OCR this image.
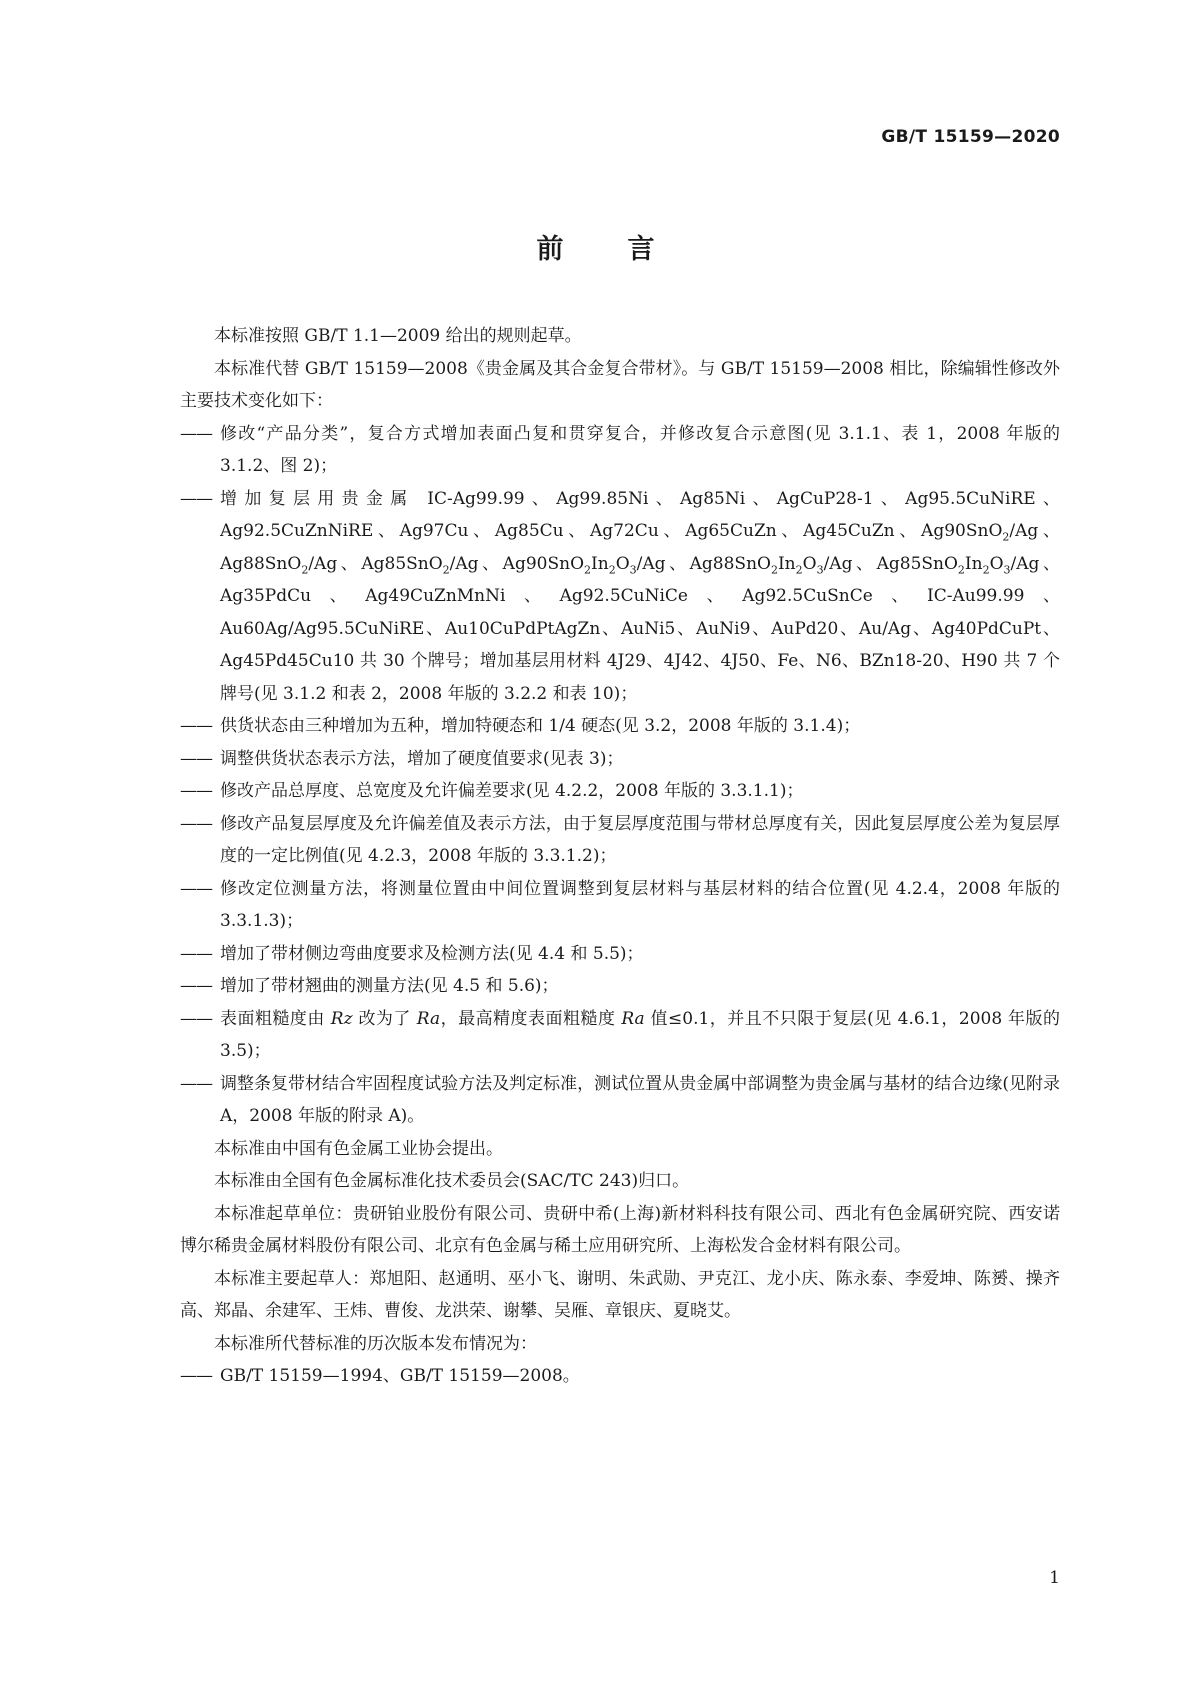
GB/T 15159—2020
前 言

本标准按照 GB/T 1.1—2009 给出的规则起草。

本标准代替 GB/T 15159—2008《贵金属及其合金复合带材》。与 GB/T 15159—2008 相比，除编辑性修改外主要技术变化如下：

—— 修改“产品分类”，复合方式增加表面凸复和贯穿复合，并修改复合示意图(见 3.1.1、表 1，2008 年版的 3.1.2、图 2)；

—— 增加复层用贵金属 IC-Ag99.99、Ag99.85Ni、Ag85Ni、AgCuP28-1、Ag95.5CuNiRE、Ag92.5CuZnNiRE、Ag97Cu、Ag85Cu、Ag72Cu、Ag65CuZn、Ag45CuZn、Ag90SnO$_2$/Ag、Ag88SnO$_2$/Ag、Ag85SnO$_2$/Ag、$Ag90SnO_2In_2O_3/Ag$、$Ag88SnO_2In_2O_3/Ag$、$Ag85SnO_2In_2O_3/Ag$、Ag35PdCu、Ag49CuZnMnNi、Ag92.5CuNiCe、Ag92.5CuSnCe、IC-Au99.99、Au60Ag/Ag95.5CuNiRE、Au10CuPdPtAgZn、AuNi5、AuNi9、AuPd20、Au/Ag、Ag40PdCuPt、Ag45Pd45Cu10 共 30 个牌号；增加基层用材料 4J29、4J42、4J50、Fe、N6、BZn18-20、H90 共 7 个牌号(见 3.1.2 和表 2，2008 年版的 3.2.2 和表 10)；

—— 供货状态由三种增加为五种，增加特硬态和 1/4 硬态(见 3.2，2008 年版的 3.1.4)；

—— 调整供货状态表示方法，增加了硬度值要求(见表 3)；

—— 修改产品总厚度、总宽度及允许偏差要求(见 4.2.2，2008 年版的 3.3.1.1)；

—— 修改产品复层厚度及允许偏差值及表示方法，由于复层厚度范围与带材总厚度有关，因此复层厚度公差为复层厚度的一定比例值(见 4.2.3，2008 年版的 3.3.1.2)；

—— 修改定位测量方法，将测量位置由中间位置调整到复层材料与基层材料的结合位置(见 4.2.4，2008 年版的 3.3.1.3)；

—— 增加了带材侧边弯曲度要求及检测方法(见 4.4 和 5.5)；

—— 增加了带材翘曲的测量方法(见 4.5 和 5.6)；

—— 表面粗糙度由 Rz 改为了 Ra，最高精度表面粗糙度 Ra 值≤0.1，并且不只限于复层(见 4.6.1，2008 年版的 3.5)；

—— 调整条复带材结合牢固程度试验方法及判定标准，测试位置从贵金属中部调整为贵金属与基材的结合边缘(见附录 A，2008 年版的附录 A)。

本标准由中国有色金属工业协会提出。

本标准由全国有色金属标准化技术委员会(SAC/TC 243)归口。

本标准起草单位：贵研铂业股份有限公司、贵研中希(上海)新材料科技有限公司、西北有色金属研究院、西安诺博尔稀贵金属材料股份有限公司、北京有色金属与稀土应用研究所、上海松发合金材料有限公司。

本标准主要起草人：郑旭阳、赵通明、巫小飞、谢明、朱武勋、尹克江、龙小庆、陈永泰、李爱坤、陈赟、操齐高、郑晶、余建军、王炜、曹俊、龙洪荣、谢攀、吴雁、章银庆、夏晓艾。

本标准所代替标准的历次版本发布情况为：

—— GB/T 15159—1994、GB/T 15159—2008。

1
